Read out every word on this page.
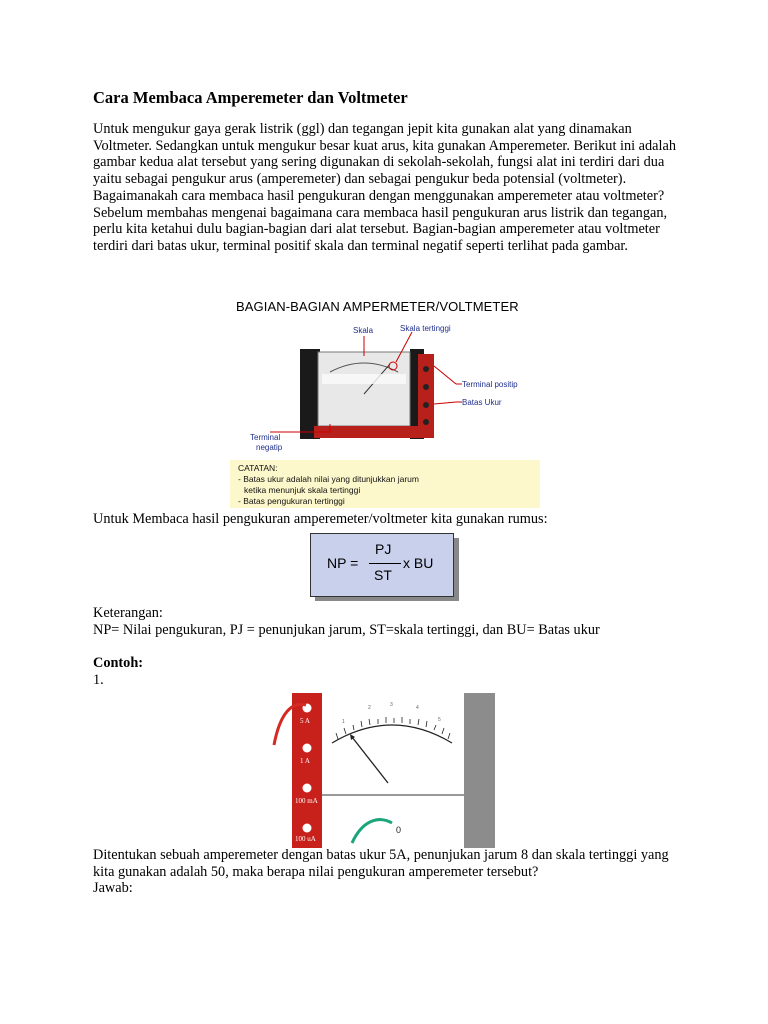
Cara Membaca Amperemeter dan Voltmeter

Untuk mengukur gaya gerak listrik (ggl) dan tegangan jepit kita gunakan alat yang dinamakan Voltmeter. Sedangkan untuk mengukur besar kuat arus, kita gunakan Amperemeter. Berikut ini adalah gambar kedua alat tersebut yang sering digunakan di sekolah-sekolah, fungsi alat ini terdiri dari dua yaitu sebagai pengukur arus (amperemeter) dan sebagai pengukur beda potensial (voltmeter).

Bagaimanakah cara membaca hasil pengukuran dengan menggunakan amperemeter atau voltmeter? Sebelum membahas mengenai bagaimana cara membaca hasil pengukuran arus listrik dan tegangan, perlu kita ketahui dulu bagian-bagian dari alat tersebut. Bagian-bagian amperemeter atau voltmeter terdiri dari batas ukur, terminal positif skala dan terminal negatif seperti terlihat pada gambar.

BAGIAN-BAGIAN AMPERMETER/VOLTMETER
Skala	Skala tertinggi
Terminal positip
Batas Ukur
Terminal
negatip
CATATAN:
- Batas ukur adalah nilai yang ditunjukkan jarum
ketika menunjuk skala tertinggi
- Batas pengukuran tertinggi

Untuk Membaca hasil pengukuran amperemeter/voltmeter kita gunakan rumus:

NP =
PJ
ST
x BU

Keterangan:

NP= Nilai pengukuran, PJ = penunjukan jarum, ST=skala tertinggi, dan BU= Batas ukur

Contoh:

1.

5 A
1 A
100 mA
100 uA
1
2	3	4
5
0

Ditentukan sebuah amperemeter dengan batas ukur 5A, penunjukan jarum 8 dan skala tertinggi yang kita gunakan adalah 50, maka berapa nilai pengukuran amperemeter tersebut?

Jawab:
